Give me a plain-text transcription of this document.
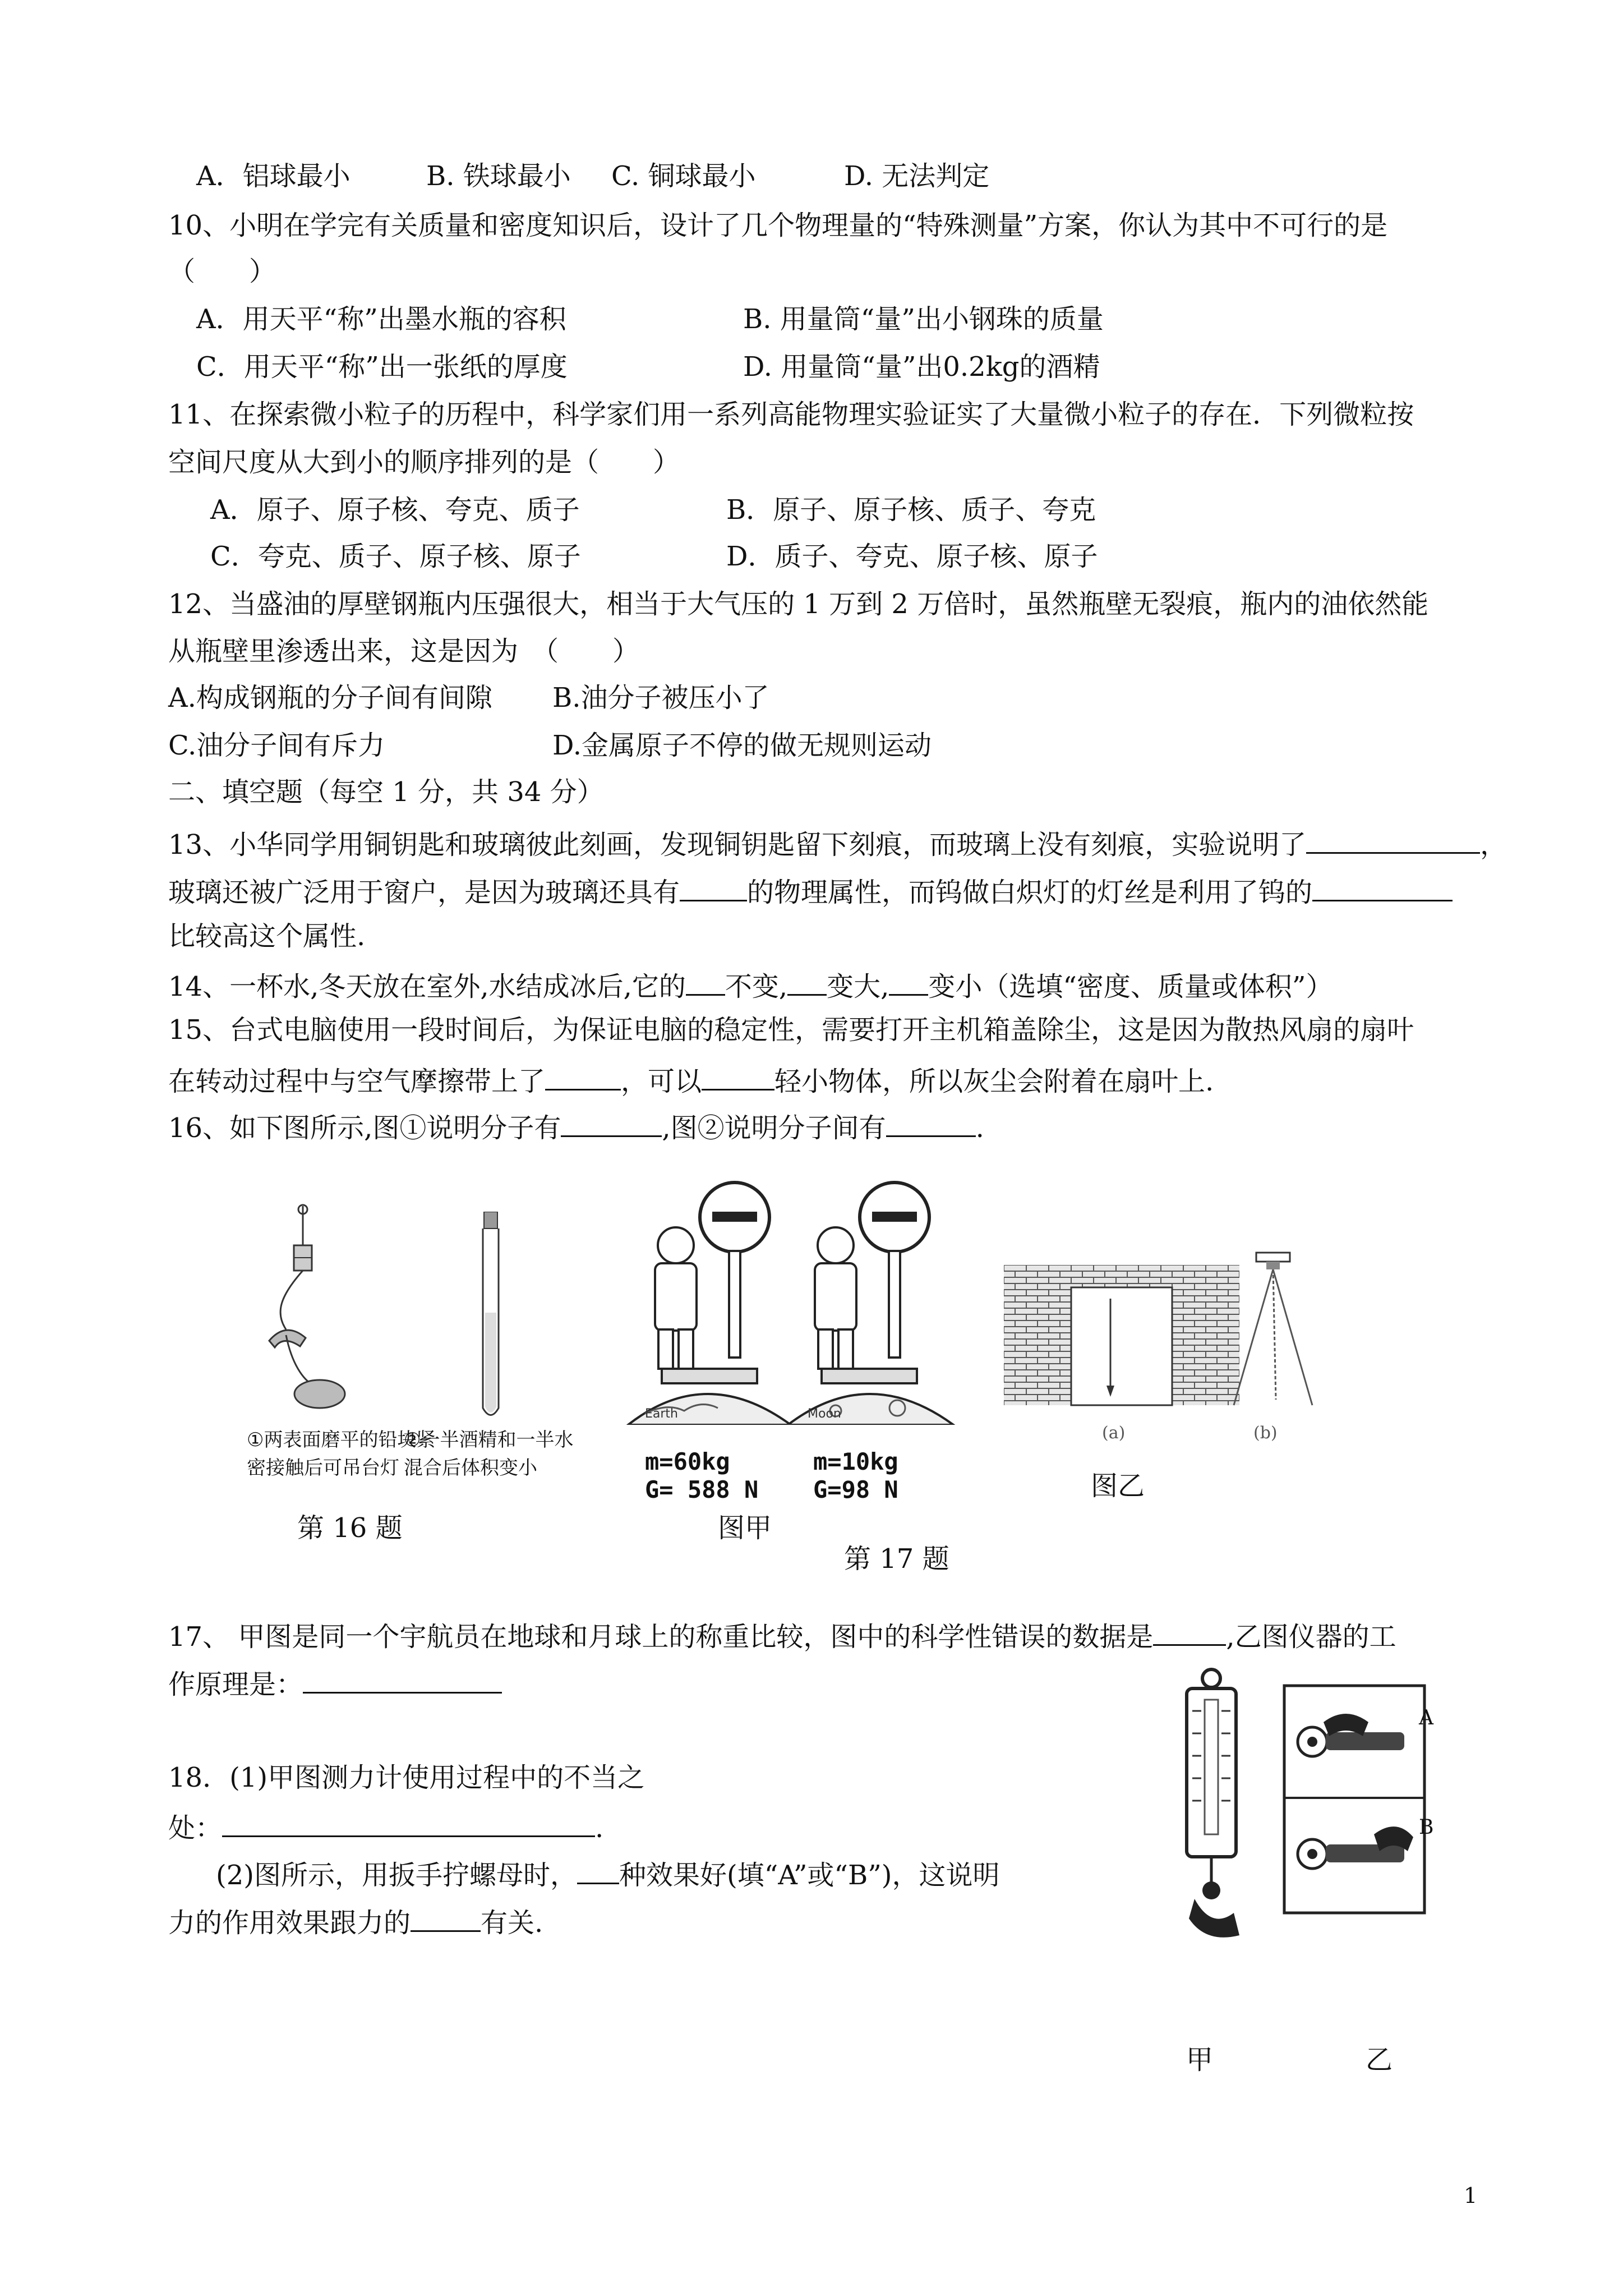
A．铝球最小	B. 铁球最小 C. 铜球最小	D. 无法判定
10、小明在学完有关质量和密度知识后，设计了几个物理量的“特殊测量”方案，你认为其中不可行的是
（　　）
A．用天平“称”出墨水瓶的容积	B. 用量筒“量”出小钢珠的质量
C．用天平“称”出一张纸的厚度	D. 用量筒“量”出0.2kg的酒精
11、在探索微小粒子的历程中，科学家们用一系列高能物理实验证实了大量微小粒子的存在．下列微粒按
空间尺度从大到小的顺序排列的是（　　）
A．原子、原子核、夸克、质子	B．原子、原子核、质子、夸克
C．夸克、质子、原子核、原子	D．质子、夸克、原子核、原子
12、当盛油的厚壁钢瓶内压强很大，相当于大气压的 1 万到 2 万倍时，虽然瓶壁无裂痕，瓶内的油依然能
从瓶壁里渗透出来，这是因为　（　　）
A.构成钢瓶的分子间有间隙 B.油分子被压小了
C.油分子间有斥力	D.金属原子不停的做无规则运动
二、填空题（每空 1 分，共 34 分）
13、小华同学用铜钥匙和玻璃彼此刻画，发现铜钥匙留下刻痕，而玻璃上没有刻痕，实验说明了	，
玻璃还被广泛用于窗户，是因为玻璃还具有	的物理属性，而钨做白炽灯的灯丝是利用了钨的
比较高这个属性.
14、一杯水,冬天放在室外,水结成冰后,它的 不变, 变大, 变小（选填“密度、质量或体积”）
15、台式电脑使用一段时间后，为保证电脑的稳定性，需要打开主机箱盖除尘，这是因为散热风扇的扇叶
在转动过程中与空气摩擦带上了	，可以	轻小物体，所以灰尘会附着在扇叶上.
16、如下图所示,图①说明分子有	,图②说明分子间有	.
①两表面磨平的铅块紧
密接触后可吊台灯
②一半酒精和一半水
混合后体积变小
Earth	Moon
m=60kg
G= 588 N
m=10kg
G=98 N
(a)	(b)
图乙
第 16 题	图甲
第 17 题
17、 甲图是同一个宇航员在地球和月球上的称重比较，图中的科学性错误的数据是	,乙图仪器的工
作原理是：
A
B
18．(1)甲图测力计使用过程中的不当之
处：	.
(2)图所示，用扳手拧螺母时， 种效果好(填“A”或“B”)，这说明
力的作用效果跟力的	有关.
甲	乙
1
